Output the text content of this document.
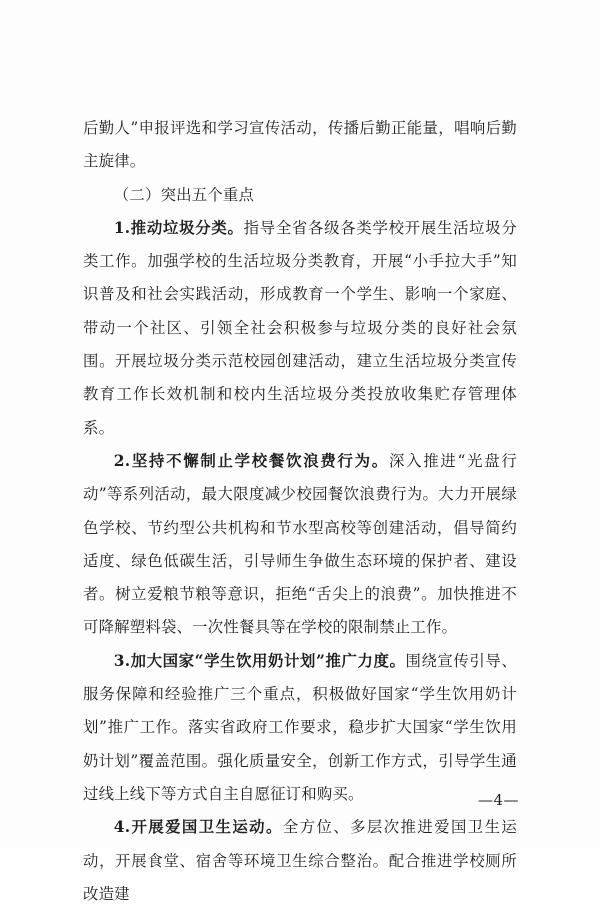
后勤人”申报评选和学习宣传活动，传播后勤正能量，唱响后勤主旋律。

（二）突出五个重点

1.推动垃圾分类。指导全省各级各类学校开展生活垃圾分类工作。加强学校的生活垃圾分类教育，开展“小手拉大手”知识普及和社会实践活动，形成教育一个学生、影响一个家庭、带动一个社区、引领全社会积极参与垃圾分类的良好社会氛围。开展垃圾分类示范校园创建活动，建立生活垃圾分类宣传教育工作长效机制和校内生活垃圾分类投放收集贮存管理体系。

2.坚持不懈制止学校餐饮浪费行为。深入推进“光盘行动”等系列活动，最大限度减少校园餐饮浪费行为。大力开展绿色学校、节约型公共机构和节水型高校等创建活动，倡导简约适度、绿色低碳生活，引导师生争做生态环境的保护者、建设者。树立爱粮节粮等意识，拒绝“舌尖上的浪费”。加快推进不可降解塑料袋、一次性餐具等在学校的限制禁止工作。

3.加大国家“学生饮用奶计划”推广力度。围绕宣传引导、服务保障和经验推广三个重点，积极做好国家“学生饮用奶计划”推广工作。落实省政府工作要求，稳步扩大国家“学生饮用奶计划”覆盖范围。强化质量安全，创新工作方式，引导学生通过线上线下等方式自主自愿征订和购买。

4.开展爱国卫生运动。全方位、多层次推进爱国卫生运动，开展食堂、宿舍等环境卫生综合整治。配合推进学校厕所改造建

—4—
